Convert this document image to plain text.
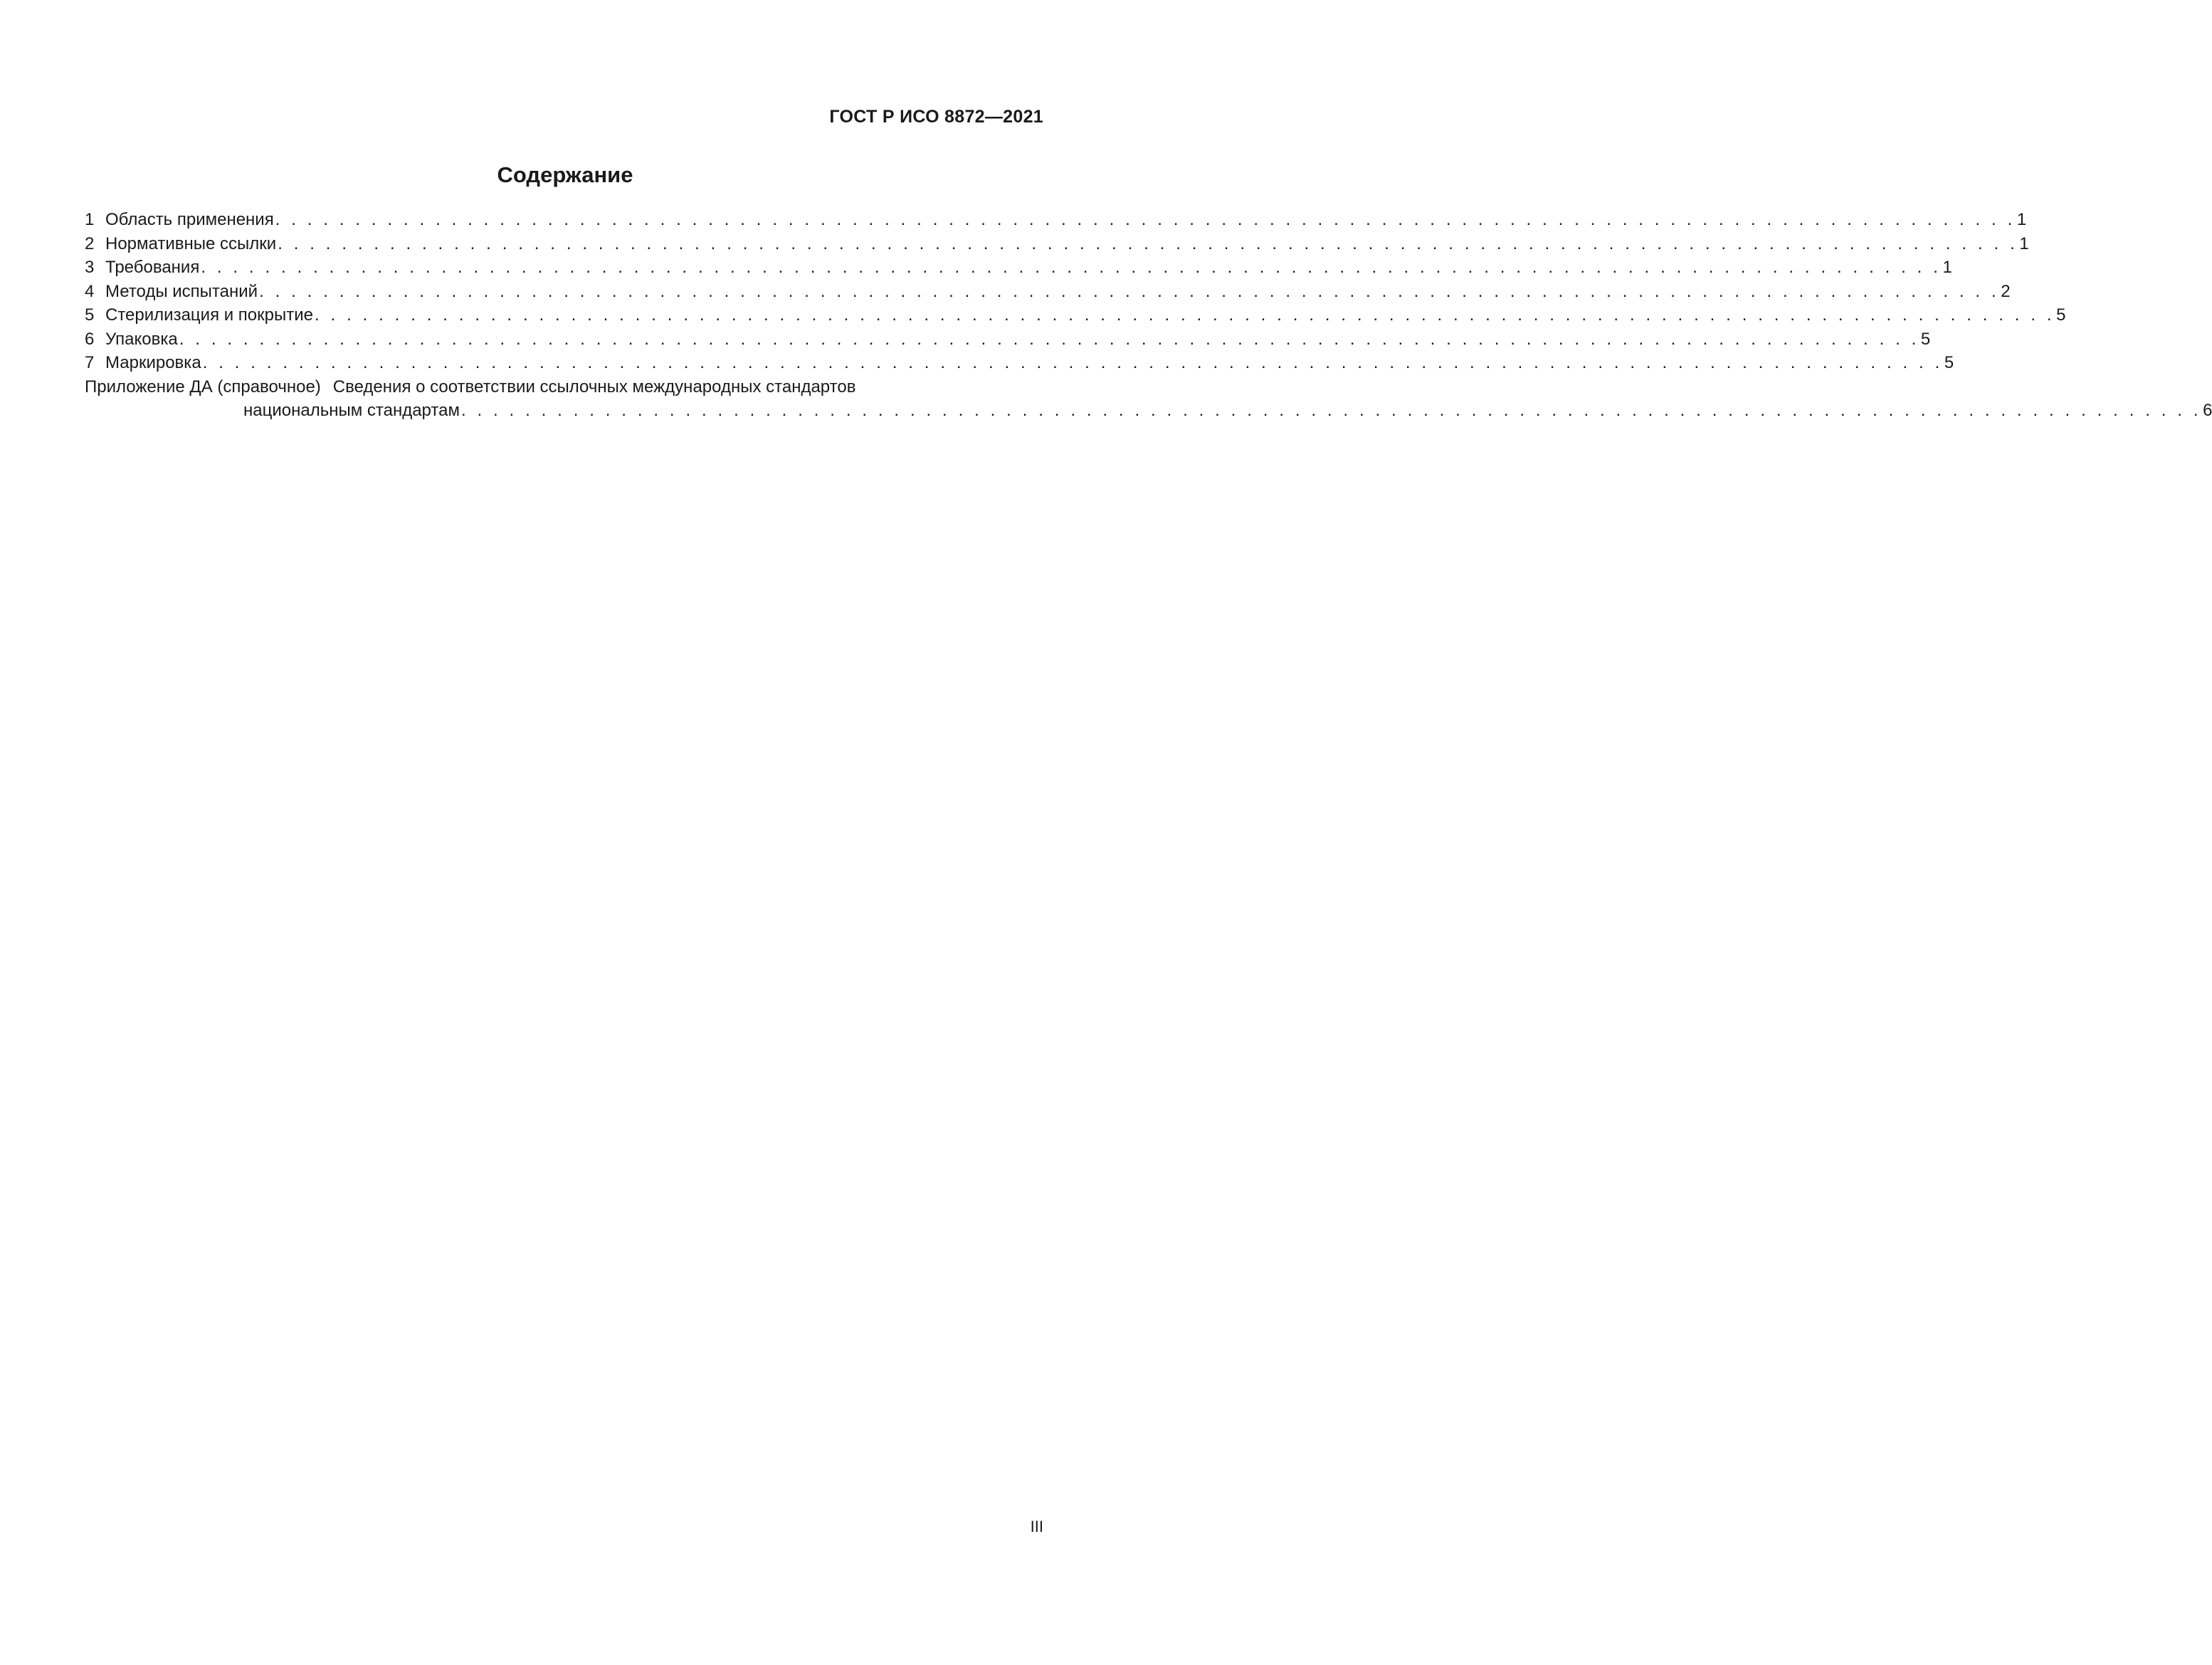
ГОСТ Р ИСО 8872—2021
Содержание
1 Область применения . . . . . . . . . . . . . . . . . . . . . . . . . . . . . . . . . . . . . . . . . . . . . . . . . . . . . . . . . . . . . . . . . . . . . . . . . . . . . . . . . . . . . . . . . . . . . . . . . . . . . . . . . . . . . 1
2 Нормативные ссылки . . . . . . . . . . . . . . . . . . . . . . . . . . . . . . . . . . . . . . . . . . . . . . . . . . . . . . . . . . . . . . . . . . . . . . . . . . . . . . . . . . . . . . . . . . . . . . . . . . . . . . . . . . . . . 1
3 Требования . . . . . . . . . . . . . . . . . . . . . . . . . . . . . . . . . . . . . . . . . . . . . . . . . . . . . . . . . . . . . . . . . . . . . . . . . . . . . . . . . . . . . . . . . . . . . . . . . . . . . . . . . . . . . 1
4 Методы испытаний . . . . . . . . . . . . . . . . . . . . . . . . . . . . . . . . . . . . . . . . . . . . . . . . . . . . . . . . . . . . . . . . . . . . . . . . . . . . . . . . . . . . . . . . . . . . . . . . . . . . . . . . . . . . . 2
5 Стерилизация и покрытие . . . . . . . . . . . . . . . . . . . . . . . . . . . . . . . . . . . . . . . . . . . . . . . . . . . . . . . . . . . . . . . . . . . . . . . . . . . . . . . . . . . . . . . . . . . . . . . . . . . . . . . . . . . . . 5
6 Упаковка . . . . . . . . . . . . . . . . . . . . . . . . . . . . . . . . . . . . . . . . . . . . . . . . . . . . . . . . . . . . . . . . . . . . . . . . . . . . . . . . . . . . . . . . . . . . . . . . . . . . . . . . . . . . . 5
7 Маркировка . . . . . . . . . . . . . . . . . . . . . . . . . . . . . . . . . . . . . . . . . . . . . . . . . . . . . . . . . . . . . . . . . . . . . . . . . . . . . . . . . . . . . . . . . . . . . . . . . . . . . . . . . . . . . 5
Приложение ДА (справочное) Сведения о соответствии ссылочных международных стандартов
национальным стандартам . . . . . . . . . . . . . . . . . . . . . . . . . . . . . . . . . . . . . . . . . . . . . . . . . . . . . . . . . . . . . . . . . . . . . . . . . . . . . . . . . . . . . . . . . . . . . . . . . . . . . . . . . . . . . 6
III
